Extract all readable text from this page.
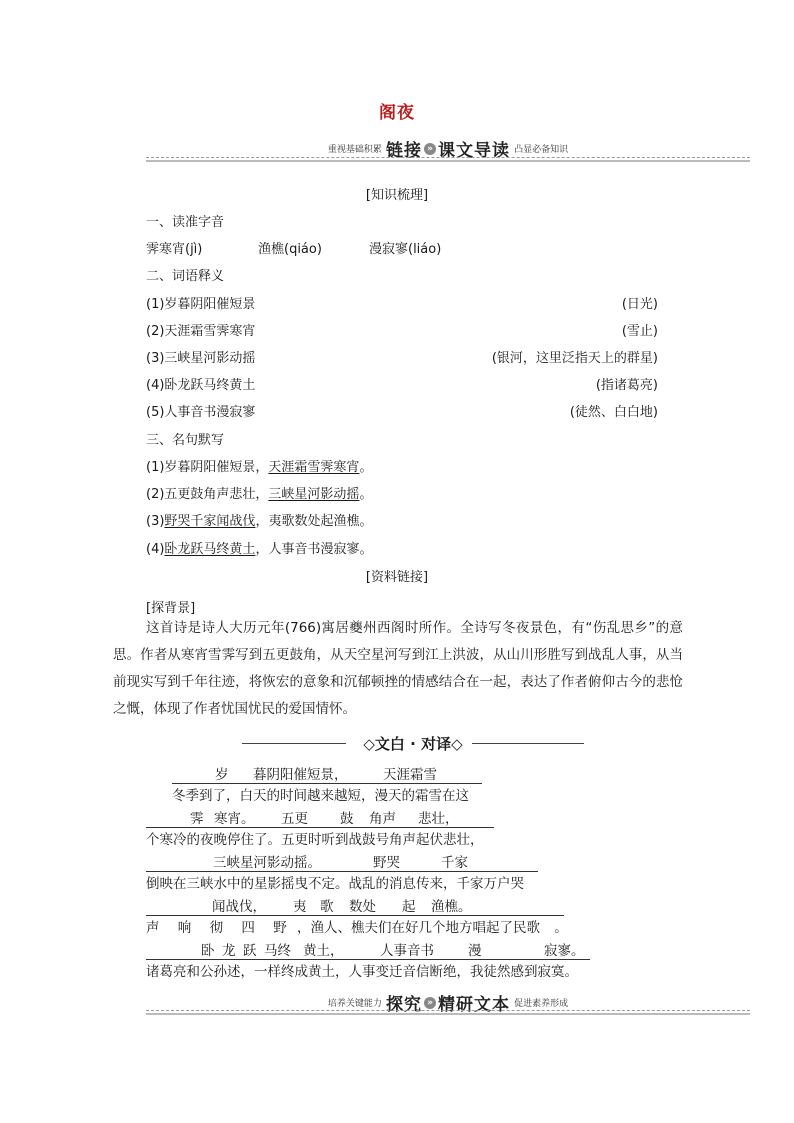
阁夜
重视基础积累 链接 » 课文导读 凸显必备知识
[知识梳理]
一、读准字音
霁寒宵(jì)	渔樵(qiáo)	漫寂寥(liáo)
二、词语释义
(1)岁暮阴阳催短景	(日光)
(2)天涯霜雪霁寒宵	(雪止)
(3)三峡星河影动摇	(银河，这里泛指天上的群星)
(4)卧龙跃马终黄土	(指诸葛亮)
(5)人事音书漫寂寥	(徒然、白白地)
三、名句默写
(1)岁暮阴阳催短景，天涯霜雪霁寒宵。
(2)五更鼓角声悲壮，三峡星河影动摇。
(3)野哭千家闻战伐，夷歌数处起渔樵。
(4)卧龙跃马终黄土，人事音书漫寂寥。
[资料链接]
[探背景]

这首诗是诗人大历元年(766)寓居夔州西阁时所作。全诗写冬夜景色，有“伤乱思乡”的意思。作者从寒宵雪霁写到五更鼓角，从天空星河写到江上洪波，从山川形胜写到战乱人事，从当前现实写到千年往迹，将恢宏的意象和沉郁顿挫的情感结合在一起，表达了作者俯仰古今的悲怆之慨，体现了作者忧国忧民的爱国情怀。

◇文白 · 对译◇
岁 暮阴阳催短景，	天涯霜雪
冬季到了，白天的时间越来越短，漫天的霜雪在这
霁 寒宵。 五更 鼓 角声 悲壮，
个寒冷的夜晚停住了。五更时听到战鼓号角声起伏悲壮，
三峡星河影动摇。	野哭	千家
倒映在三峡水中的星影摇曳不定。战乱的消息传来，千家万户哭
闻战伐， 夷 歌 数处 起 渔樵。
声 响 彻 四 野 ，渔人、樵夫们在好几个地方唱起了民歌 。
卧 龙 跃 马终 黄土，	人事音书	漫	寂寥。
诸葛亮和公孙述，一样终成黄土，人事变迁音信断绝，我徒然感到寂寞。
培养关键能力 探究 » 精研文本 促进素养形成
